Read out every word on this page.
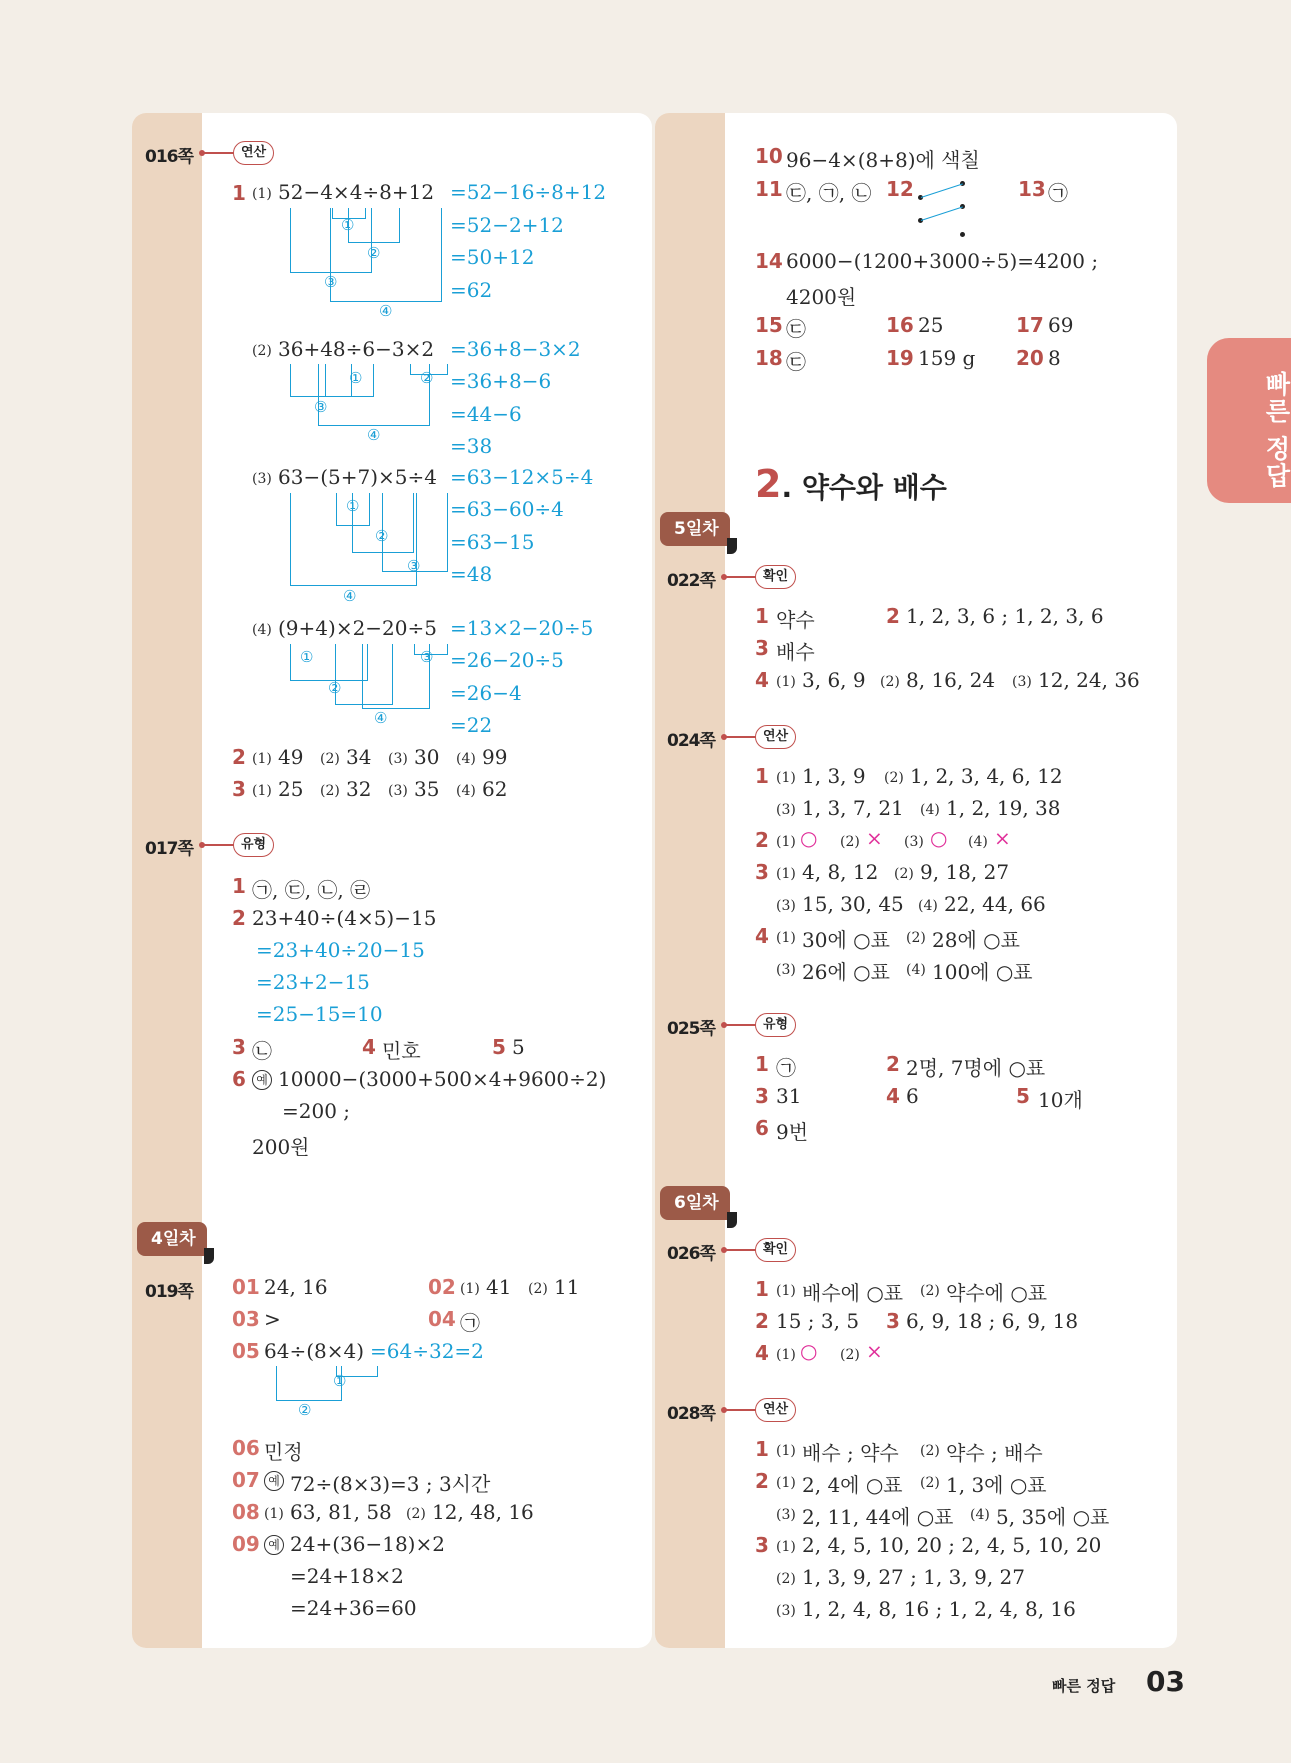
빠른 정답
016쪽	연산
1 (1) 52−4×4÷8+12 =52−16÷8+12
=52−2+12
=50+12
=62
①
②
③
④
(2) 36+48÷6−3×2 =36+8−3×2
=36+8−6
=44−6
=38
①	②
③
④
(3) 63−(5+7)×5÷4 =63−12×5÷4
=63−60÷4
=63−15
=48
①
②
③
④
(4) (9+4)×2−20÷5 =13×2−20÷5
=26−20÷5
=26−4
=22
①
②
③
④
2 (1) 49 (2) 34 (3) 30 (4) 99
3 (1) 25 (2) 32 (3) 35 (4) 62
017쪽	유형
1 ㉠, ㉢, ㉡, ㉣
2 23+40÷(4×5)−15
=23+40÷20−15
=23+2−15
=25−15=10
3 ㉡	4 민호	5 5
6 예 10000−(3000+500×4+9600÷2)
=200 ;
200원
4일차
019쪽 01 24, 16	02 (1) 41 (2) 11
03 >	04 ㉠
05 64÷(8×4) =64÷32=2
①
②
06 민정
07 예 72÷(8×3)=3 ; 3시간
08 (1) 63, 81, 58 (2) 12, 48, 16
09 예 24+(36−18)×2
=24+18×2
=24+36=60
10 96−4×(8+8)에 색칠
11 ㉢, ㉠, ㉡ 12	13 ㉠
14 6000−(1200+3000÷5)=4200 ;
4200원
15 ㉢	16 25	17 69
18 ㉢	19 159 g 20 8
2. 약수와 배수
5일차
022쪽	확인
1 약수	2 1, 2, 3, 6 ; 1, 2, 3, 6
3 배수
4 (1) 3, 6, 9 (2) 8, 16, 24 (3) 12, 24, 36
024쪽	연산
1 (1) 1, 3, 9 (2) 1, 2, 3, 4, 6, 12
(3) 1, 3, 7, 21 (4) 1, 2, 19, 38
2 (1) ○ (2) × (3) ○ (4) ×
3 (1) 4, 8, 12 (2) 9, 18, 27
(3) 15, 30, 45 (4) 22, 44, 66
4 (1) 30에 ○표 (2) 28에 ○표
(3) 26에 ○표 (4) 100에 ○표
025쪽	유형
1 ㉠	2 2명, 7명에 ○표
3 31	4 6	5 10개
6 9번
6일차
026쪽	확인
1 (1) 배수에 ○표 (2) 약수에 ○표
2 15 ; 3, 5 3 6, 9, 18 ; 6, 9, 18
4 (1) ○ (2) ×
028쪽	연산
1 (1) 배수 ; 약수 (2) 약수 ; 배수
2 (1) 2, 4에 ○표 (2) 1, 3에 ○표
(3) 2, 11, 44에 ○표 (4) 5, 35에 ○표
3 (1) 2, 4, 5, 10, 20 ; 2, 4, 5, 10, 20
(2) 1, 3, 9, 27 ; 1, 3, 9, 27
(3) 1, 2, 4, 8, 16 ; 1, 2, 4, 8, 16
빠른 정답 03
